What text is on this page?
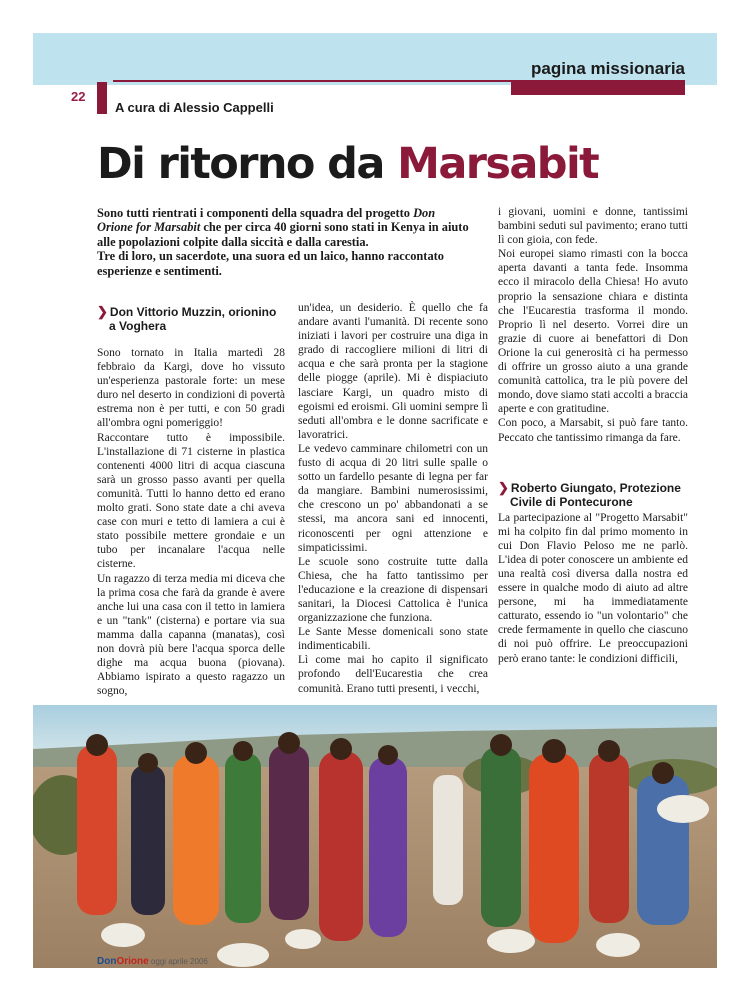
pagina missionaria
22
A cura di Alessio Cappelli
Di ritorno da Marsabit
Sono tutti rientrati i componenti della squadra del progetto Don Orione for Marsabit che per circa 40 giorni sono stati in Kenya in aiuto alle popolazioni colpite dalla siccità e dalla carestia.
Tre di loro, un sacerdote, una suora ed un laico, hanno raccontato esperienze e sentimenti.
❯ Don Vittorio Muzzin, orionino
a Voghera

Sono tornato in Italia martedì 28 febbraio da Kargi, dove ho vissuto un'esperienza pastorale forte: un mese duro nel deserto in condizioni di povertà estrema non è per tutti, e con 50 gradi all'ombra ogni pomeriggio!

Raccontare tutto è impossibile. L'installazione di 71 cisterne in plastica contenenti 4000 litri di acqua ciascuna sarà un grosso passo avanti per quella comunità. Tutti lo hanno detto ed erano molto grati. Sono state date a chi aveva case con muri e tetto di lamiera a cui è stato possibile mettere grondaie e un tubo per incanalare l'acqua nelle cisterne.

Un ragazzo di terza media mi diceva che la prima cosa che farà da grande è avere anche lui una casa con il tetto in lamiera e un "tank" (cisterna) e portare via sua mamma dalla capanna (manatas), così non dovrà più bere l'acqua sporca delle dighe ma acqua buona (piovana). Abbiamo ispirato a questo ragazzo un sogno,

un'idea, un desiderio. È quello che fa andare avanti l'umanità. Di recente sono iniziati i lavori per costruire una diga in grado di raccogliere milioni di litri di acqua e che sarà pronta per la stagione delle piogge (aprile). Mi è dispiaciuto lasciare Kargi, un quadro misto di egoismi ed eroismi. Gli uomini sempre lì seduti all'ombra e le donne sacrificate e lavoratrici.

Le vedevo camminare chilometri con un fusto di acqua di 20 litri sulle spalle o sotto un fardello pesante di legna per far da mangiare. Bambini numerosissimi, che crescono un po' abbandonati a se stessi, ma ancora sani ed innocenti, riconoscenti per ogni attenzione e simpaticissimi.

Le scuole sono costruite tutte dalla Chiesa, che ha fatto tantissimo per l'educazione e la creazione di dispensari sanitari, la Diocesi Cattolica è l'unica organizzazione che funziona.

Le Sante Messe domenicali sono state indimenticabili.

Lì come mai ho capito il significato profondo dell'Eucarestia che crea comunità. Erano tutti presenti, i vecchi,

i giovani, uomini e donne, tantissimi bambini seduti sul pavimento; erano tutti lì con gioia, con fede.

Noi europei siamo rimasti con la bocca aperta davanti a tanta fede. Insomma ecco il miracolo della Chiesa! Ho avuto proprio la sensazione chiara e distinta che l'Eucarestia trasforma il mondo. Proprio lì nel deserto. Vorrei dire un grazie di cuore ai benefattori di Don Orione la cui generosità ci ha permesso di offrire un grosso aiuto a una grande comunità cattolica, tra le più povere del mondo, dove siamo stati accolti a braccia aperte e con gratitudine.

Con poco, a Marsabit, si può fare tanto. Peccato che tantissimo rimanga da fare.

La partecipazione al "Progetto Marsabit" mi ha colpito fin dal primo momento in cui Don Flavio Peloso me ne parlò. L'idea di poter conoscere un ambiente ed una realtà così diversa dalla nostra ed essere in qualche modo di aiuto ad altre persone, mi ha immediatamente catturato, essendo io "un volontario" che crede fermamente in quello che ciascuno di noi può offrire. Le preoccupazioni però erano tante: le condizioni difficili,

❯ Roberto Giungato, Protezione
Civile di Pontecurone
DonOrione oggi aprile 2006
